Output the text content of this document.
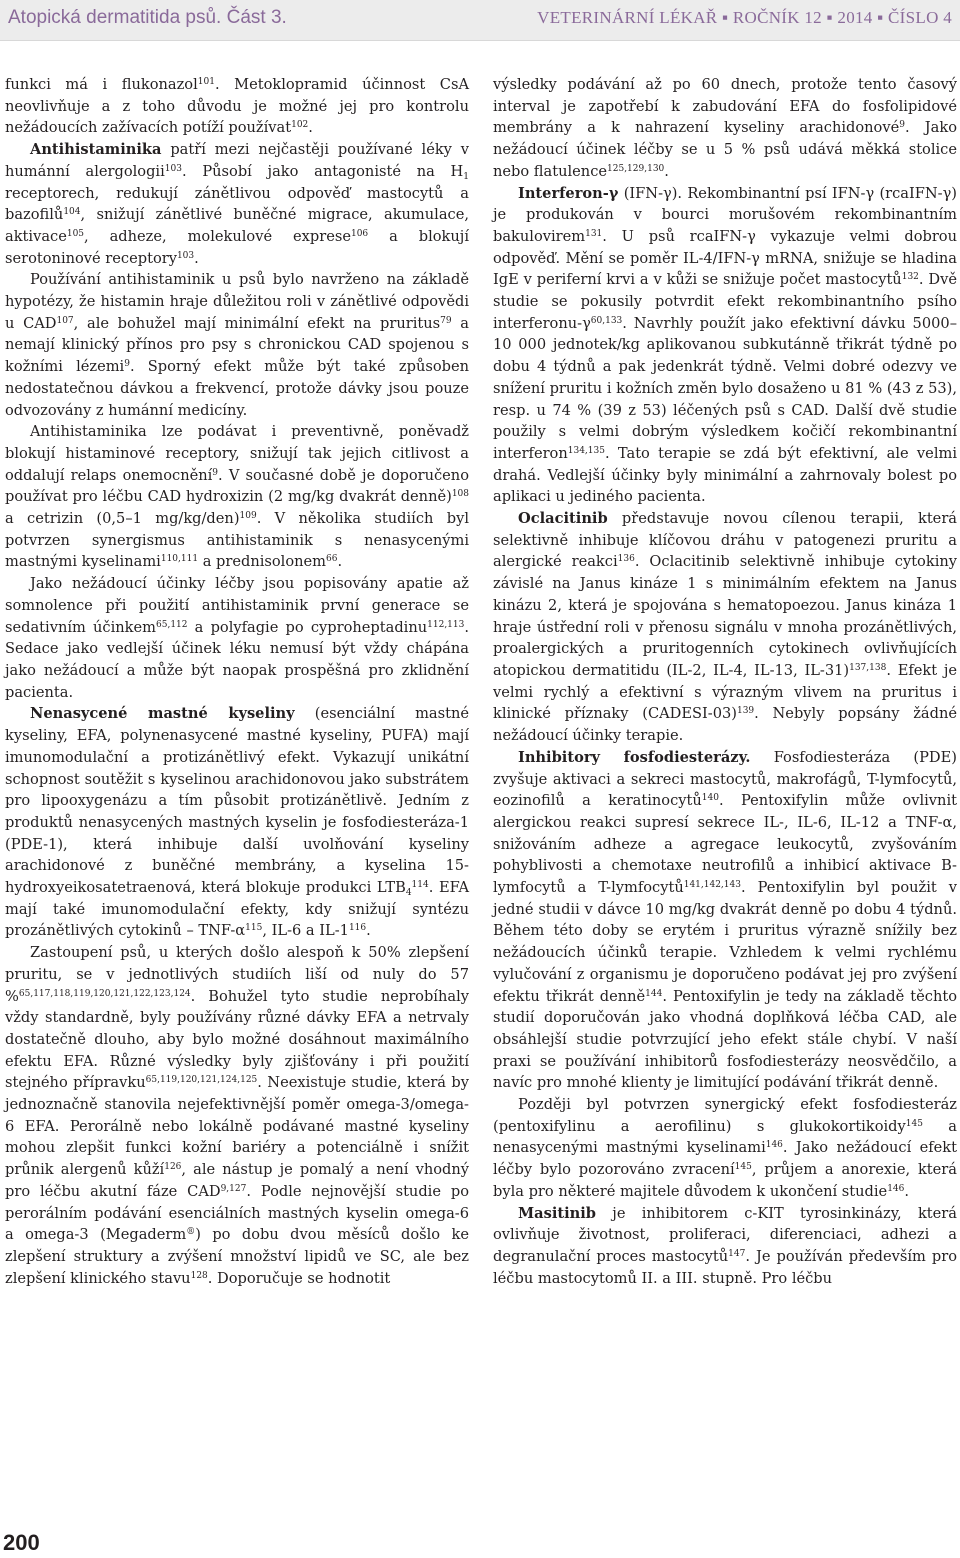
Atopická dermatitida psů. Část 3.	VETERINÁRNÍ LÉKAŘ ▪ ROČNÍK 12 ▪ 2014 ▪ ČÍSLO 4

funkci má i flukonazol$^{101}$. Metoklopramid účinnost CsA neovlivňuje a z toho důvodu je možné jej pro kontrolu nežádoucích zažívacích potíží používat$^{102}$.

Antihistaminika patří mezi nejčastěji používané léky v humánní alergologii$^{103}$. Působí jako antagonisté na $H_1$ receptorech, redukují zánětlivou odpověď mastocytů a bazofilů$^{104}$, snižují zánětlivé buněčné migrace, akumulace, aktivace$^{105}$, adheze, molekulové exprese$^{106}$ a blokují serotoninové receptory$^{103}$.

Používání antihistaminik u psů bylo navrženo na základě hypotézy, že histamin hraje důležitou roli v zánětlivé odpovědi u CAD$^{107}$, ale bohužel mají minimální efekt na pruritus$^{79}$ a nemají klinický přínos pro psy s chronickou CAD spojenou s kožními lézemi$^9$. Sporný efekt může být také způsoben nedostatečnou dávkou a frekvencí, protože dávky jsou pouze odvozovány z humánní medicíny.

Antihistaminika lze podávat i preventivně, poněvadž blokují histaminové receptory, snižují tak jejich citlivost a oddalují relaps onemocnění$^9$. V současné době je doporučeno používat pro léčbu CAD hydroxizin (2 mg/kg dvakrát denně)$^{108}$ a cetrizin (0,5–1 mg/kg/den)$^{109}$. V několika studiích byl potvrzen synergismus antihistaminik s nenasycenými mastnými kyselinami$^{110,111}$ a prednisolonem$^{66}$.

Jako nežádoucí účinky léčby jsou popisovány apatie až somnolence při použití antihistaminik první generace se sedativním účinkem$^{65,112}$ a polyfagie po cyproheptadinu$^{112,113}$. Sedace jako vedlejší účinek léku nemusí být vždy chápána jako nežádoucí a může být naopak prospěšná pro zklidnění pacienta.

Nenasycené mastné kyseliny (esenciální mastné kyseliny, EFA, polynenasycené mastné kyseliny, PUFA) mají imunomodulační a protizánětlivý efekt. Vykazují unikátní schopnost soutěžit s kyselinou arachidonovou jako substrátem pro lipooxygenázu a tím působit protizánětlivě. Jedním z produktů nenasycených mastných kyselin je fosfodiesteráza-1 (PDE-1), která inhibuje další uvolňování kyseliny arachidonové z buněčné membrány, a kyselina 15-hydroxyeikosatetraenová, která blokuje produkci $LTB_4^{114}$. EFA mají také imunomodulační efekty, kdy snižují syntézu prozánětlivých cytokinů – TNF-$\alpha^{115}$, IL-6 a $IL-1^{116}$.

Zastoupení psů, u kterých došlo alespoň k 50% zlepšení pruritu, se v jednotlivých studiích liší od nuly do 57 %$^{65,117,118,119,120,121,122,123,124}$. Bohužel tyto studie neprobíhaly vždy standardně, byly používány různé dávky EFA a netrvaly dostatečně dlouho, aby bylo možné dosáhnout maximálního efektu EFA. Různé výsledky byly zjišťovány i při použití stejného přípravku$^{65,119,120,121,124,125}$. Neexistuje studie, která by jednoznačně stanovila nejefektivnější poměr omega-3/omega-6 EFA. Perorálně nebo lokálně podávané mastné kyseliny mohou zlepšit funkci kožní bariéry a potenciálně i snížit průnik alergenů kůží$^{126}$, ale nástup je pomalý a není vhodný pro léčbu akutní fáze CAD$^{9,127}$. Podle nejnovější studie po perorálním podávání esenciálních mastných kyselin omega-6 a omega-3 (Megaderm®) po dobu dvou měsíců došlo ke zlepšení struktury a zvýšení množství lipidů ve SC, ale bez zlepšení klinického stavu$^{128}$. Doporučuje se hodnotit

výsledky podávání až po 60 dnech, protože tento časový interval je zapotřebí k zabudování EFA do fosfolipidové membrány a k nahrazení kyseliny arachidonové$^9$. Jako nežádoucí účinek léčby se u 5 % psů udává měkká stolice nebo flatulence$^{125,129,130}$.

Interferon-γ (IFN-γ). Rekombinantní psí IFN-γ (rcaIFN-γ) je produkován v bourci morušovém rekombinantním bakulovirem$^{131}$. U psů rcaIFN-γ vykazuje velmi dobrou odpověď. Mění se poměr IL-4/IFN-γ mRNA, snižuje se hladina IgE v periferní krvi a v kůži se snižuje počet mastocytů$^{132}$. Dvě studie se pokusily potvrdit efekt rekombinantního psího interferonu-$\gamma^{60,133}$. Navrhly použít jako efektivní dávku 5000–10 000 jednotek/kg aplikovanou subkutánně třikrát týdně po dobu 4 týdnů a pak jedenkrát týdně. Velmi dobré odezvy ve snížení pruritu i kožních změn bylo dosaženo u 81 % (43 z 53), resp. u 74 % (39 z 53) léčených psů s CAD. Další dvě studie použily s velmi dobrým výsledkem kočičí rekombinantní interferon$^{134,135}$. Tato terapie se zdá být efektivní, ale velmi drahá. Vedlejší účinky byly minimální a zahrnovaly bolest po aplikaci u jediného pacienta.

Oclacitinib představuje novou cílenou terapii, která selektivně inhibuje klíčovou dráhu v patogenezi pruritu a alergické reakci$^{136}$. Oclacitinib selektivně inhibuje cytokiny závislé na Janus kináze 1 s minimálním efektem na Janus kinázu 2, která je spojována s hematopoezou. Janus kináza 1 hraje ústřední roli v přenosu signálu v mnoha prozánětlivých, proalergických a pruritogenních cytokinech ovlivňujících atopickou dermatitidu (IL-2, IL-4, IL-13, IL-31)$^{137,138}$. Efekt je velmi rychlý a efektivní s výrazným vlivem na pruritus i klinické příznaky (CADESI-03)$^{139}$. Nebyly popsány žádné nežádoucí účinky terapie.

Inhibitory fosfodiesterázy. Fosfodiesteráza (PDE) zvyšuje aktivaci a sekreci mastocytů, makrofágů, T-lymfocytů, eozinofilů a keratinocytů$^{140}$. Pentoxifylin může ovlivnit alergickou reakci supresí sekrece IL-, IL-6, IL-12 a TNF-α, snižováním adheze a agregace leukocytů, zvyšováním pohyblivosti a chemotaxe neutrofilů a inhibicí aktivace B-lymfocytů a T-lymfocytů$^{141,142,143}$. Pentoxifylin byl použit v jedné studii v dávce 10 mg/kg dvakrát denně po dobu 4 týdnů. Během této doby se erytém i pruritus výrazně snížily bez nežádoucích účinků terapie. Vzhledem k velmi rychlému vylučování z organismu je doporučeno podávat jej pro zvýšení efektu třikrát denně$^{144}$. Pentoxifylin je tedy na základě těchto studií doporučován jako vhodná doplňková léčba CAD, ale obsáhlejší studie potvrzující jeho efekt stále chybí. V naší praxi se používání inhibitorů fosfodiesterázy neosvědčilo, a navíc pro mnohé klienty je limitující podávání třikrát denně.

Později byl potvrzen synergický efekt fosfodiesteráz (pentoxifylinu a aerofilinu) s glukokortikoidy$^{145}$ a nenasycenými mastnými kyselinami$^{146}$. Jako nežádoucí efekt léčby bylo pozorováno zvracení$^{145}$, průjem a anorexie, která byla pro některé majitele důvodem k ukončení studie$^{146}$.

Masitinib je inhibitorem c-KIT tyrosinkinázy, která ovlivňuje životnost, proliferaci, diferenciaci, adhezi a degranulační proces mastocytů$^{147}$. Je používán především pro léčbu mastocytomů II. a III. stupně. Pro léčbu

200
